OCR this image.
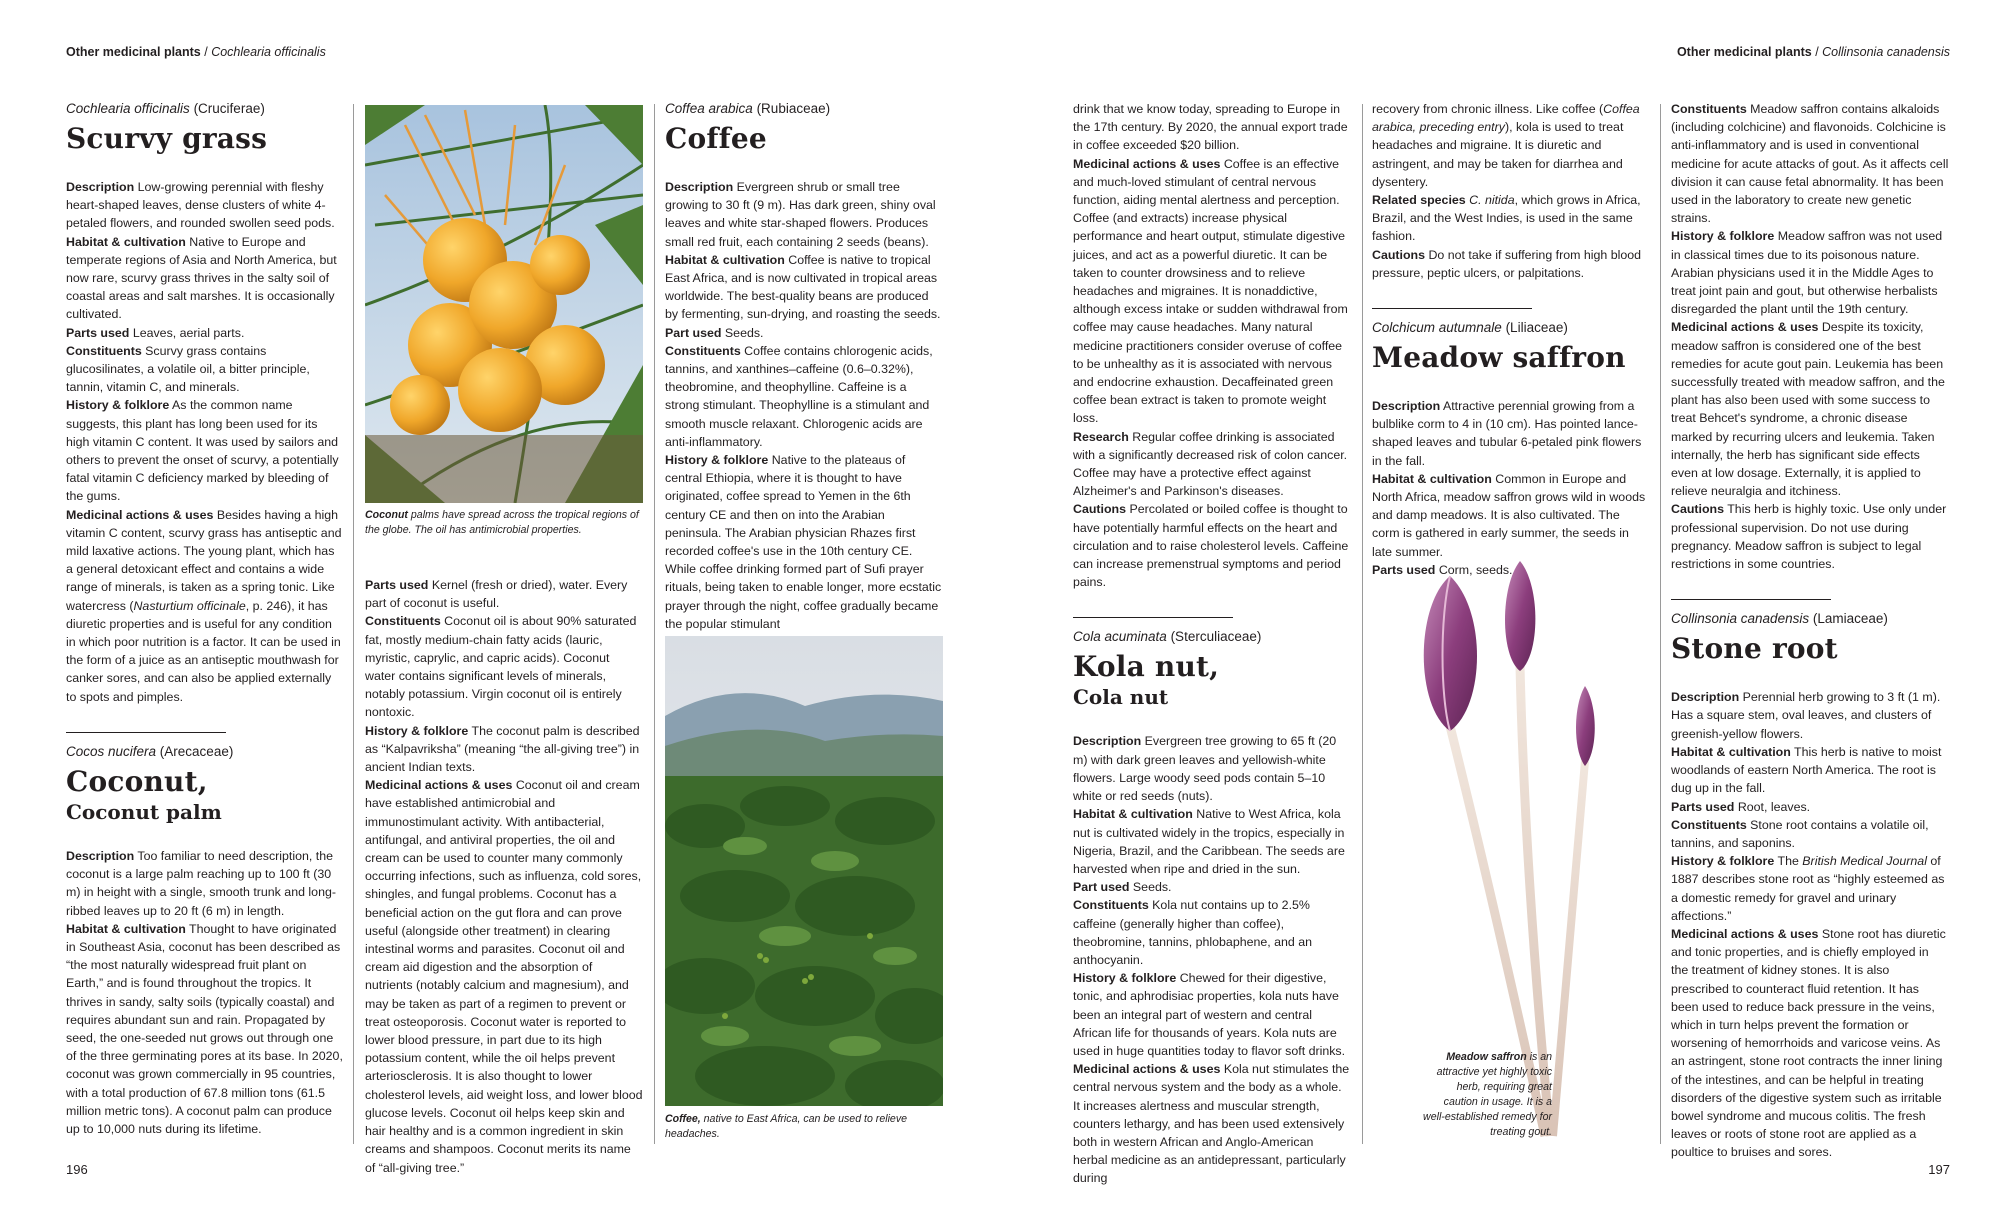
Other medicinal plants / Cochlearia officinalis	Other medicinal plants / Collinsonia canadensis

Cochlearia officinalis (Cruciferae)

Scurvy grass

Description Low-growing perennial with fleshy heart-shaped leaves, dense clusters of white 4-petaled flowers, and rounded swollen seed pods.

Habitat & cultivation Native to Europe and temperate regions of Asia and North America, but now rare, scurvy grass thrives in the salty soil of coastal areas and salt marshes. It is occasionally cultivated.

Parts used Leaves, aerial parts.

Constituents Scurvy grass contains glucosilinates, a volatile oil, a bitter principle, tannin, vitamin C, and minerals.

History & folklore As the common name suggests, this plant has long been used for its high vitamin C content. It was used by sailors and others to prevent the onset of scurvy, a potentially fatal vitamin C deficiency marked by bleeding of the gums.

Medicinal actions & uses Besides having a high vitamin C content, scurvy grass has antiseptic and mild laxative actions. The young plant, which has a general detoxicant effect and contains a wide range of minerals, is taken as a spring tonic. Like watercress (Nasturtium officinale, p. 246), it has diuretic properties and is useful for any condition in which poor nutrition is a factor. It can be used in the form of a juice as an antiseptic mouthwash for canker sores, and can also be applied externally to spots and pimples.

Cocos nucifera (Arecaceae)

Coconut,

Coconut palm

Description Too familiar to need description, the coconut is a large palm reaching up to 100 ft (30 m) in height with a single, smooth trunk and long-ribbed leaves up to 20 ft (6 m) in length.

Habitat & cultivation Thought to have originated in Southeast Asia, coconut has been described as “the most naturally widespread fruit plant on Earth,” and is found throughout the tropics. It thrives in sandy, salty soils (typically coastal) and requires abundant sun and rain. Propagated by seed, the one-seeded nut grows out through one of the three germinating pores at its base. In 2020, coconut was grown commercially in 95 countries, with a total production of 67.8 million tons (61.5 million metric tons). A coconut palm can produce up to 10,000 nuts during its lifetime.

Coconut palms have spread across the tropical regions of the globe. The oil has antimicrobial properties.

Parts used Kernel (fresh or dried), water. Every part of coconut is useful.

Constituents Coconut oil is about 90% saturated fat, mostly medium-chain fatty acids (lauric, myristic, caprylic, and capric acids). Coconut water contains significant levels of minerals, notably potassium. Virgin coconut oil is entirely nontoxic.

History & folklore The coconut palm is described as “Kalpavriksha” (meaning “the all-giving tree”) in ancient Indian texts.

Medicinal actions & uses Coconut oil and cream have established antimicrobial and immunostimulant activity. With antibacterial, antifungal, and antiviral properties, the oil and cream can be used to counter many commonly occurring infections, such as influenza, cold sores, shingles, and fungal problems. Coconut has a beneficial action on the gut flora and can prove useful (alongside other treatment) in clearing intestinal worms and parasites. Coconut oil and cream aid digestion and the absorption of nutrients (notably calcium and magnesium), and may be taken as part of a regimen to prevent or treat osteoporosis. Coconut water is reported to lower blood pressure, in part due to its high potassium content, while the oil helps prevent arteriosclerosis. It is also thought to lower cholesterol levels, aid weight loss, and lower blood glucose levels. Coconut oil helps keep skin and hair healthy and is a common ingredient in skin creams and shampoos. Coconut merits its name of “all-giving tree.”

Coffea arabica (Rubiaceae)

Coffee

Description Evergreen shrub or small tree growing to 30 ft (9 m). Has dark green, shiny oval leaves and white star-shaped flowers. Produces small red fruit, each containing 2 seeds (beans).

Habitat & cultivation Coffee is native to tropical East Africa, and is now cultivated in tropical areas worldwide. The best-quality beans are produced by fermenting, sun-drying, and roasting the seeds.

Part used Seeds.

Constituents Coffee contains chlorogenic acids, tannins, and xanthines–caffeine (0.6–0.32%), theobromine, and theophylline. Caffeine is a strong stimulant. Theophylline is a stimulant and smooth muscle relaxant. Chlorogenic acids are anti-inflammatory.

History & folklore Native to the plateaus of central Ethiopia, where it is thought to have originated, coffee spread to Yemen in the 6th century CE and then on into the Arabian peninsula. The Arabian physician Rhazes first recorded coffee's use in the 10th century CE. While coffee drinking formed part of Sufi prayer rituals, being taken to enable longer, more ecstatic prayer through the night, coffee gradually became the popular stimulant

Coffee, native to East Africa, can be used to relieve headaches.

drink that we know today, spreading to Europe in the 17th century. By 2020, the annual export trade in coffee exceeded $20 billion.

Medicinal actions & uses Coffee is an effective and much-loved stimulant of central nervous function, aiding mental alertness and perception. Coffee (and extracts) increase physical performance and heart output, stimulate digestive juices, and act as a powerful diuretic. It can be taken to counter drowsiness and to relieve headaches and migraines. It is nonaddictive, although excess intake or sudden withdrawal from coffee may cause headaches. Many natural medicine practitioners consider overuse of coffee to be unhealthy as it is associated with nervous and endocrine exhaustion. Decaffeinated green coffee bean extract is taken to promote weight loss.

Research Regular coffee drinking is associated with a significantly decreased risk of colon cancer. Coffee may have a protective effect against Alzheimer's and Parkinson's diseases.

Cautions Percolated or boiled coffee is thought to have potentially harmful effects on the heart and circulation and to raise cholesterol levels. Caffeine can increase premenstrual symptoms and period pains.

Cola acuminata (Sterculiaceae)

Kola nut,

Cola nut

Description Evergreen tree growing to 65 ft (20 m) with dark green leaves and yellowish-white flowers. Large woody seed pods contain 5–10 white or red seeds (nuts).

Habitat & cultivation Native to West Africa, kola nut is cultivated widely in the tropics, especially in Nigeria, Brazil, and the Caribbean. The seeds are harvested when ripe and dried in the sun.

Part used Seeds.

Constituents Kola nut contains up to 2.5% caffeine (generally higher than coffee), theobromine, tannins, phlobaphene, and an anthocyanin.

History & folklore Chewed for their digestive, tonic, and aphrodisiac properties, kola nuts have been an integral part of western and central African life for thousands of years. Kola nuts are used in huge quantities today to flavor soft drinks.

Medicinal actions & uses Kola nut stimulates the central nervous system and the body as a whole. It increases alertness and muscular strength, counters lethargy, and has been used extensively both in western African and Anglo-American herbal medicine as an antidepressant, particularly during

recovery from chronic illness. Like coffee (Coffea arabica, preceding entry), kola is used to treat headaches and migraine. It is diuretic and astringent, and may be taken for diarrhea and dysentery.

Related species C. nitida, which grows in Africa, Brazil, and the West Indies, is used in the same fashion.

Cautions Do not take if suffering from high blood pressure, peptic ulcers, or palpitations.

Colchicum autumnale (Liliaceae)

Meadow saffron

Description Attractive perennial growing from a bulblike corm to 4 in (10 cm). Has pointed lance-shaped leaves and tubular 6-petaled pink flowers in the fall.

Habitat & cultivation Common in Europe and North Africa, meadow saffron grows wild in woods and damp meadows. It is also cultivated. The corm is gathered in early summer, the seeds in late summer.

Parts used Corm, seeds.

Meadow saffron is an attractive yet highly toxic herb, requiring great caution in usage. It is a well-established remedy for treating gout.

Constituents Meadow saffron contains alkaloids (including colchicine) and flavonoids. Colchicine is anti-inflammatory and is used in conventional medicine for acute attacks of gout. As it affects cell division it can cause fetal abnormality. It has been used in the laboratory to create new genetic strains.

History & folklore Meadow saffron was not used in classical times due to its poisonous nature. Arabian physicians used it in the Middle Ages to treat joint pain and gout, but otherwise herbalists disregarded the plant until the 19th century.

Medicinal actions & uses Despite its toxicity, meadow saffron is considered one of the best remedies for acute gout pain. Leukemia has been successfully treated with meadow saffron, and the plant has also been used with some success to treat Behcet's syndrome, a chronic disease marked by recurring ulcers and leukemia. Taken internally, the herb has significant side effects even at low dosage. Externally, it is applied to relieve neuralgia and itchiness.

Cautions This herb is highly toxic. Use only under professional supervision. Do not use during pregnancy. Meadow saffron is subject to legal restrictions in some countries.

Collinsonia canadensis (Lamiaceae)

Stone root

Description Perennial herb growing to 3 ft (1 m). Has a square stem, oval leaves, and clusters of greenish-yellow flowers.

Habitat & cultivation This herb is native to moist woodlands of eastern North America. The root is dug up in the fall.

Parts used Root, leaves.

Constituents Stone root contains a volatile oil, tannins, and saponins.

History & folklore The British Medical Journal of 1887 describes stone root as “highly esteemed as a domestic remedy for gravel and urinary affections.”

Medicinal actions & uses Stone root has diuretic and tonic properties, and is chiefly employed in the treatment of kidney stones. It is also prescribed to counteract fluid retention. It has been used to reduce back pressure in the veins, which in turn helps prevent the formation or worsening of hemorrhoids and varicose veins. As an astringent, stone root contracts the inner lining of the intestines, and can be helpful in treating disorders of the digestive system such as irritable bowel syndrome and mucous colitis. The fresh leaves or roots of stone root are applied as a poultice to bruises and sores.

196	197
